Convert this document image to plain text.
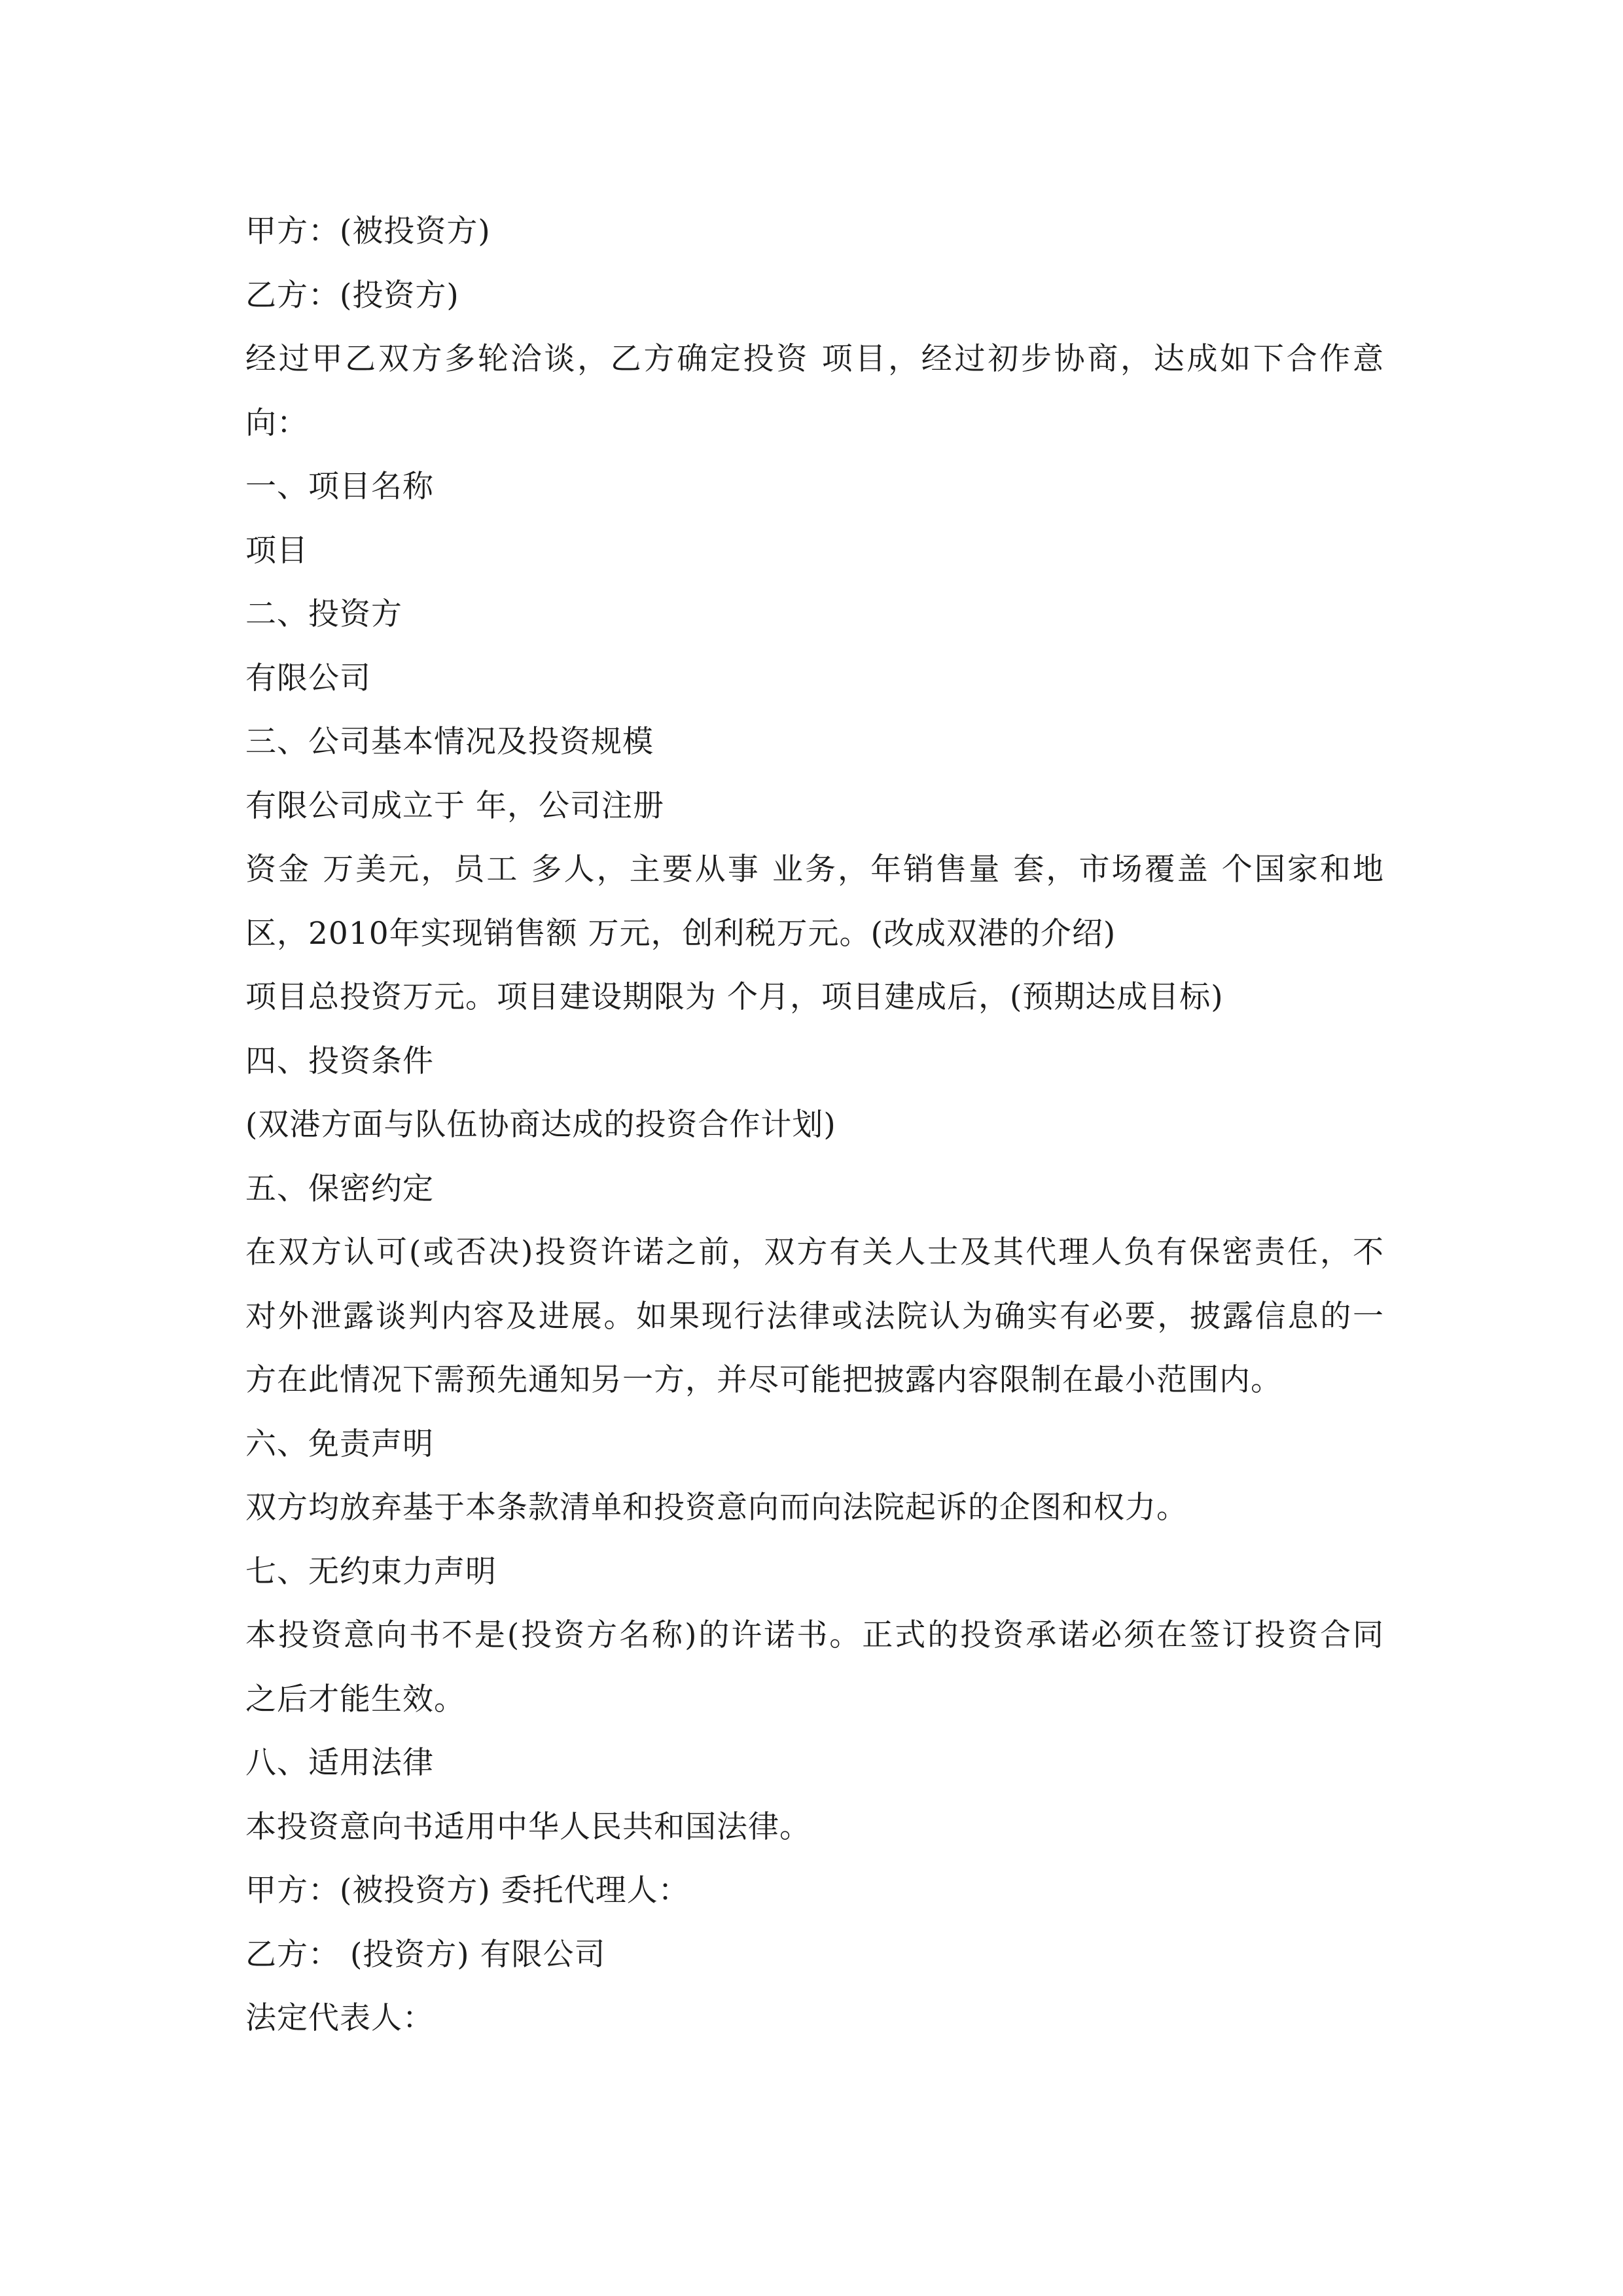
甲方：(被投资方)
乙方：(投资方)
经过甲乙双方多轮洽谈，乙方确定投资 项目，经过初步协商，达成如下合作意
向：
一、项目名称
项目
二、投资方
有限公司
三、公司基本情况及投资规模
有限公司成立于 年，公司注册
资金 万美元，员工 多人，主要从事 业务，年销售量 套，市场覆盖 个国家和地
区，2010年实现销售额 万元，创利税万元。(改成双港的介绍)
项目总投资万元。项目建设期限为 个月，项目建成后，(预期达成目标)
四、投资条件
(双港方面与队伍协商达成的投资合作计划)
五、保密约定
在双方认可(或否决)投资许诺之前，双方有关人士及其代理人负有保密责任，不
对外泄露谈判内容及进展。如果现行法律或法院认为确实有必要，披露信息的一
方在此情况下需预先通知另一方，并尽可能把披露内容限制在最小范围内。
六、免责声明
双方均放弃基于本条款清单和投资意向而向法院起诉的企图和权力。
七、无约束力声明
本投资意向书不是(投资方名称)的许诺书。正式的投资承诺必须在签订投资合同
之后才能生效。
八、适用法律
本投资意向书适用中华人民共和国法律。
甲方：(被投资方) 委托代理人：
乙方： (投资方) 有限公司
法定代表人：
